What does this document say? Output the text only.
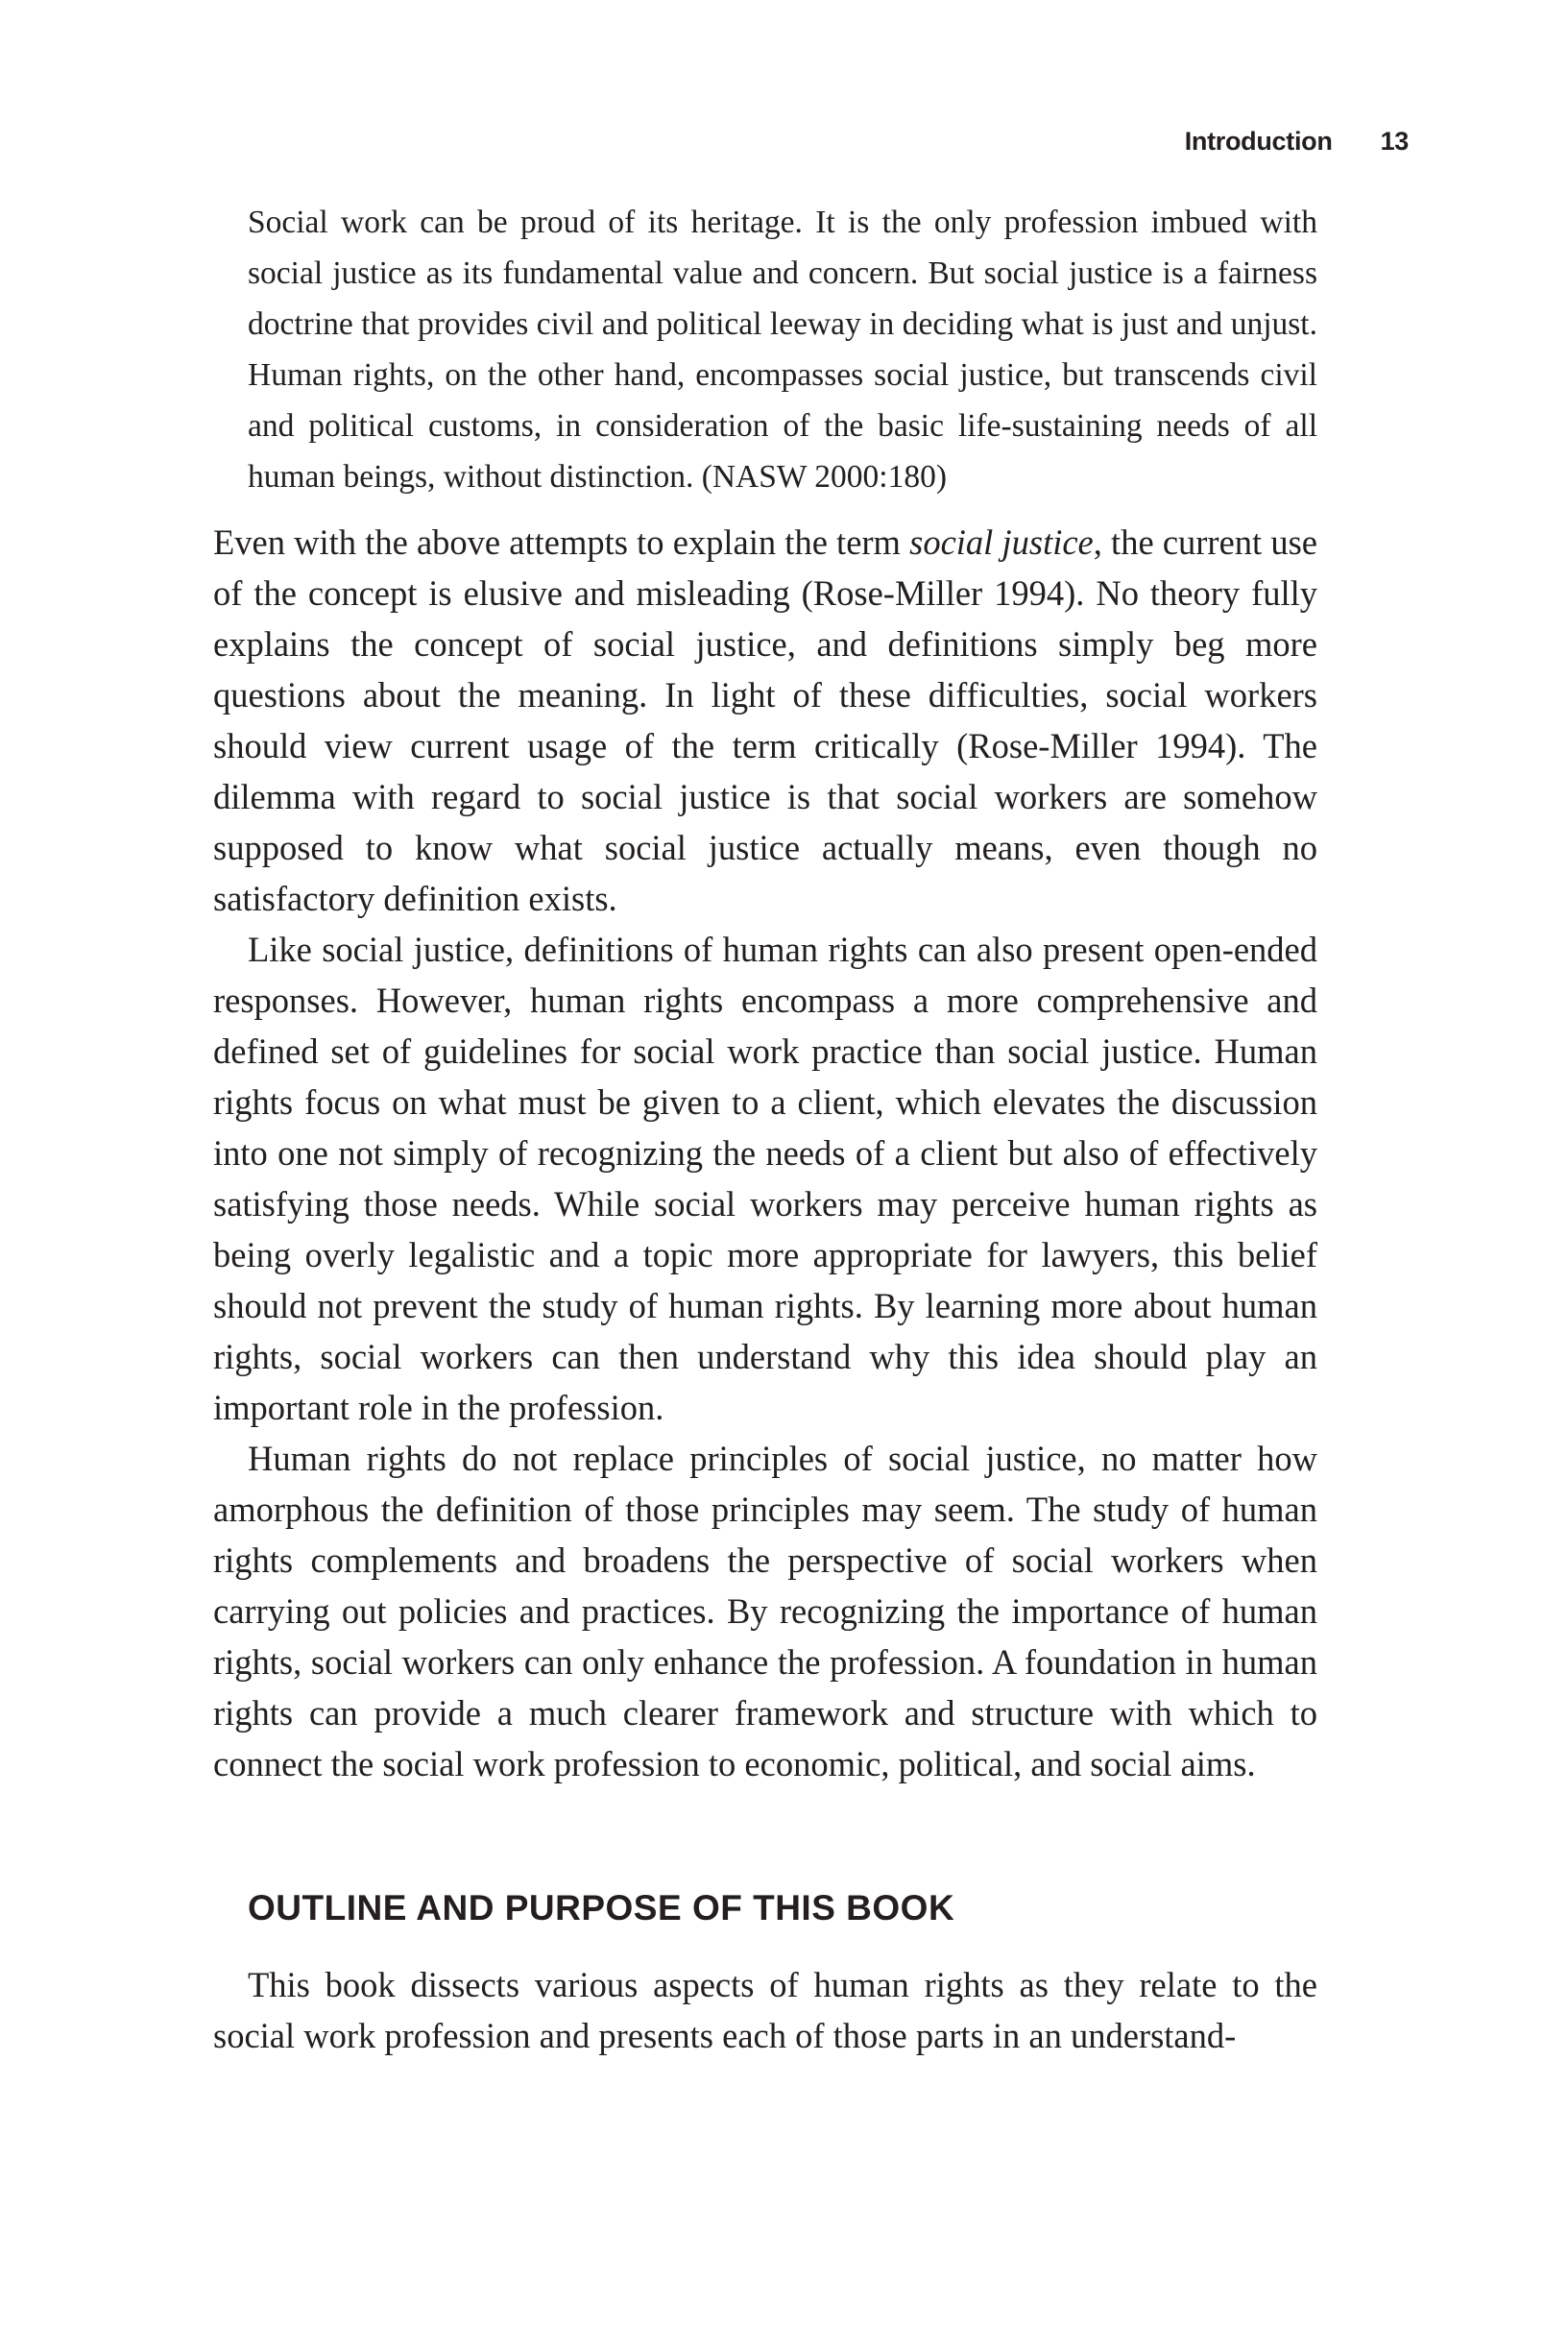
Introduction 13
Social work can be proud of its heritage. It is the only profession imbued with social justice as its fundamental value and concern. But social justice is a fairness doctrine that provides civil and political leeway in deciding what is just and unjust. Human rights, on the other hand, encompasses social justice, but transcends civil and political customs, in consideration of the basic life-sustaining needs of all human beings, without distinction. (NASW 2000:180)

Even with the above attempts to explain the term social justice, the current use of the concept is elusive and misleading (Rose-Miller 1994). No theory fully explains the concept of social justice, and definitions simply beg more questions about the meaning. In light of these difficulties, social workers should view current usage of the term critically (Rose-Miller 1994). The dilemma with regard to social justice is that social workers are somehow supposed to know what social justice actually means, even though no satisfactory definition exists.

Like social justice, definitions of human rights can also present open-ended responses. However, human rights encompass a more comprehensive and defined set of guidelines for social work practice than social justice. Human rights focus on what must be given to a client, which elevates the discussion into one not simply of recognizing the needs of a client but also of effectively satisfying those needs. While social workers may perceive human rights as being overly legalistic and a topic more appropriate for lawyers, this belief should not prevent the study of human rights. By learning more about human rights, social workers can then understand why this idea should play an important role in the profession.

Human rights do not replace principles of social justice, no matter how amorphous the definition of those principles may seem. The study of human rights complements and broadens the perspective of social workers when carrying out policies and practices. By recognizing the importance of human rights, social workers can only enhance the profession. A foundation in human rights can provide a much clearer framework and structure with which to connect the social work profession to economic, political, and social aims.

OUTLINE AND PURPOSE OF THIS BOOK

This book dissects various aspects of human rights as they relate to the social work profession and presents each of those parts in an understand-
